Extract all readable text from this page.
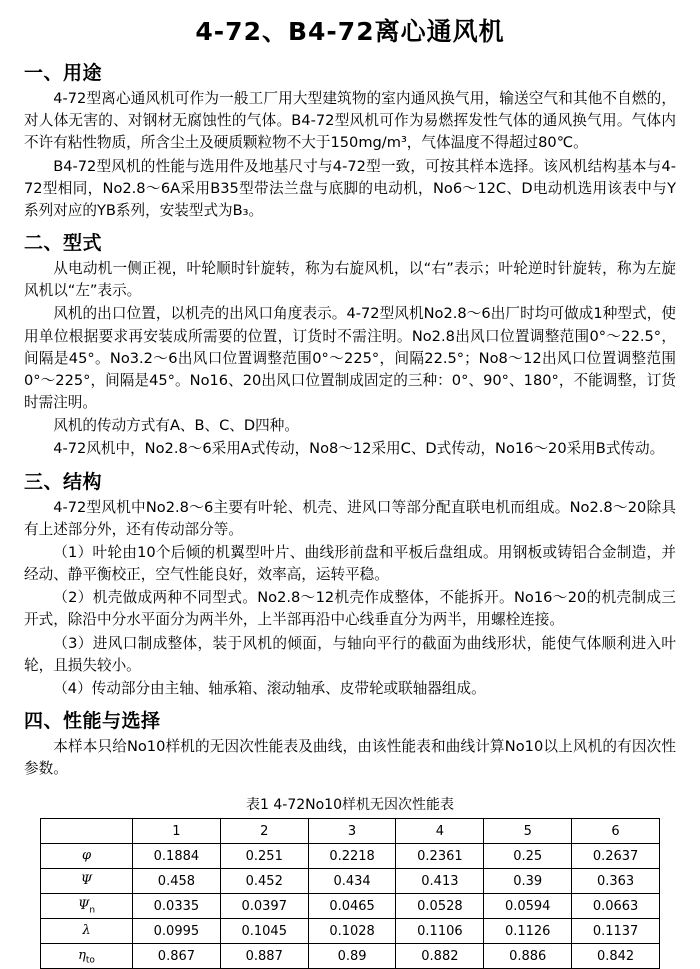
4-72、B4-72离心通风机
一、用途

4-72型离心通风机可作为一般工厂用大型建筑物的室内通风换气用，输送空气和其他不自燃的，对人体无害的、对钢材无腐蚀性的气体。B4-72型风机可作为易燃挥发性气体的通风换气用。气体内不许有粘性物质，所含尘土及硬质颗粒物不大于150mg/m³，气体温度不得超过80℃。

B4-72型风机的性能与选用件及地基尺寸与4-72型一致，可按其样本选择。该风机结构基本与4-72型相同，No2.8～6A采用B35型带法兰盘与底脚的电动机，No6～12C、D电动机选用该表中与Y系列对应的YB系列，安装型式为B₃。

二、型式

从电动机一侧正视，叶轮顺时针旋转，称为右旋风机，以“右”表示；叶轮逆时针旋转，称为左旋风机以“左”表示。

风机的出口位置，以机壳的出风口角度表示。4-72型风机No2.8～6出厂时均可做成1种型式，使用单位根据要求再安装成所需要的位置，订货时不需注明。No2.8出风口位置调整范围0°～22.5°，间隔是45°。No3.2～6出风口位置调整范围0°～225°，间隔22.5°；No8～12出风口位置调整范围0°～225°，间隔是45°。No16、20出风口位置制成固定的三种：0°、90°、180°，不能调整，订货时需注明。

风机的传动方式有A、B、C、D四种。

4-72风机中，No2.8～6采用A式传动，No8～12采用C、D式传动，No16～20采用B式传动。

三、结构

4-72型风机中No2.8～6主要有叶轮、机壳、进风口等部分配直联电机而组成。No2.8～20除具有上述部分外，还有传动部分等。

（1）叶轮由10个后倾的机翼型叶片、曲线形前盘和平板后盘组成。用钢板或铸铝合金制造，并经动、静平衡校正，空气性能良好，效率高，运转平稳。

（2）机壳做成两种不同型式。No2.8～12机壳作成整体，不能拆开。No16～20的机壳制成三开式，除沿中分水平面分为两半外，上半部再沿中心线垂直分为两半，用螺栓连接。

（3）进风口制成整体，装于风机的倾面，与轴向平行的截面为曲线形状，能使气体顺利进入叶轮，且损失较小。

（4）传动部分由主轴、轴承箱、滚动轴承、皮带轮或联轴器组成。

四、性能与选择

本样本只给No10样机的无因次性能表及曲线，由该性能表和曲线计算No10以上风机的有因次性参数。

表1 4-72No10样机无因次性能表
	1	2	3	4	5	6
φ	0.1884	0.251	0.2218	0.2361	0.25	0.2637
Ψ	0.458	0.452	0.434	0.413	0.39	0.363
$\Psi_n$	0.0335	0.0397	0.0465	0.0528	0.0594	0.0663
λ	0.0995	0.1045	0.1028	0.1106	0.1126	0.1137
$\eta_{to}$	0.867	0.887	0.89	0.882	0.886	0.842
